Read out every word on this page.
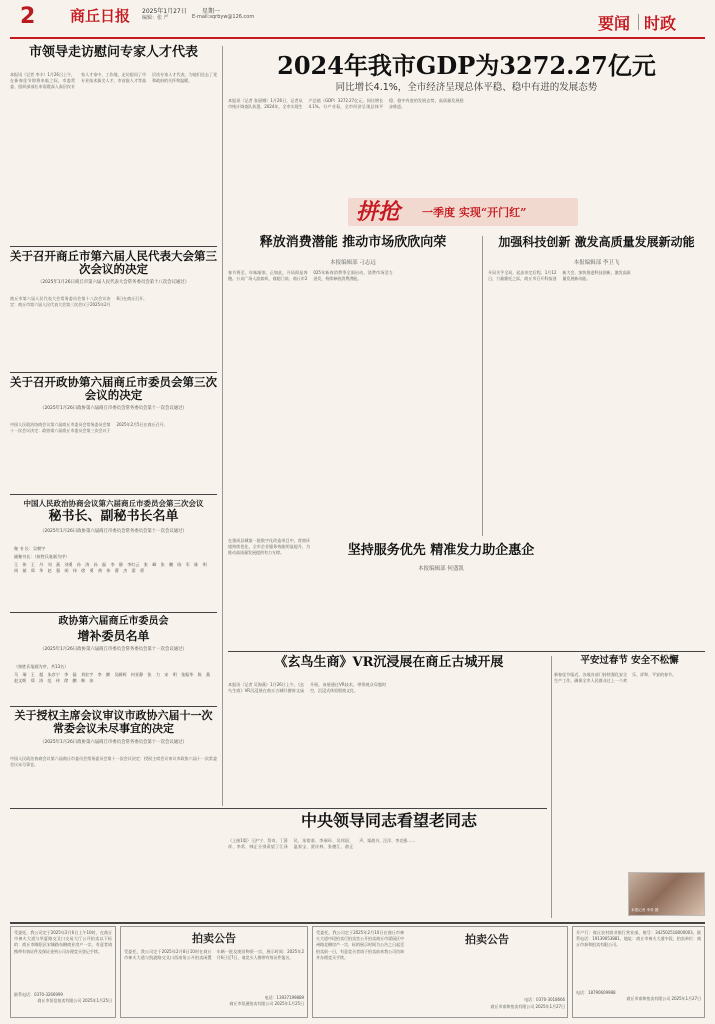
2 商丘日报 2025年1月27日	星期一
编辑：张 严	E-mail:sqrbyw@126.com	要闻 时政
市领导走访慰问专家人才代表
本报讯（记者 李丰）1月26日上午，在新春佳节即将来临之际，市委常委、组织部部长申雨霞深入高层次专家人才家中、工作地，走访慰问了市专业技术拔尖人才、市首批人才等高层次专家人才代表，为他们送去了党和政府的关怀和温暖。
关于召开商丘市第六届人民代表大会第三次会议的决定
（2025年1月26日商丘市第六届人民代表大会常务委员会第十八次会议通过）
商丘市第六届人民代表大会常务委员会第十八次会议决定：商丘市第六届人民代表大会第三次会议于2025年2月6日在商丘召开。
关于召开政协第六届商丘市委员会第三次会议的决定
（2025年1月26日政协第六届商丘市委员会常务委员会第十一次会议通过）
中国人民政治协商会议第六届商丘市委员会常务委员会第十一次会议决定：政协第六届商丘市委员会第三次会议于2025年2月5日在商丘召开。
中国人民政治协商会议第六届商丘市委员会第三次会议
秘书长、副秘书长名单
（2025年1月26日政协第六届商丘市委员会常务委员会第十一次会议通过）
秘 书 长：吴朝宇
副秘书长：（按姓氏笔画为序）
王 伟 王 丹 刘 燕 刘勇 孙 涛 孙 磊 李 静 李红云 张 峰 张 鹏 陈 军 陈 明 周 斌 郑 华 赵 强 胡 伟 徐 勇 黄 伟 曹 杰 梁 勇
政协第六届商丘市委员会
增补委员名单
（2025年1月26日政协第六届商丘市委员会常务委员会第十一次会议通过）
（按姓氏笔画为序，共13名）
马 瑞 王 超 朱彦宁 李 磊 刘宏宇 李 腾 吴颜辉 何亚静 张 力 宋 明 张振华 陈 燕 赵文辉 郑 涛 范 伟 徐 鹏 韩 冰
关于授权主席会议审议市政协六届十一次常委会议未尽事宜的决定
（2025年1月26日政协第六届商丘市委员会常务委员会第十一次会议通过）
中国人民政治协商会议第六届商丘市委员会常务委员会第十一次会议决定：授权主席会议审议市政协六届十一次常委会议未尽事宜。
2024年我市GDP为3272.27亿元
同比增长4.1%，全市经济呈现总体平稳、稳中有进的发展态势
本报讯（记者 张丽娜）1月26日，记者从市统计调查队获悉，2024年，全市实现生产总值（GDP）3272.27亿元，同比增长4.1%。分产业看，全市经济呈现总体平稳、稳中有进的发展态势，高质量发展稳步推进。
拼抢 一季度 实现“开门红”
释放消费潜能 推动市场欣欣向荣
本报编辑部 刁志远
春节将至，年味渐浓。正如此，开局即是奔跑。万众广场人流如织，商超门前，商丘市2025年新春消费季全面启动，消费市场活力迸发，持续释放消费潜能。
加强科技创新 激发高质量发展新动能
本报编辑部 李卫飞
开局关乎全局，起步决定后程。1月12日，力量鼎托之际，商丘市召开科技创新大会，加快推进科技创新，激发高质量发展新动能。
在建成县城第一批数字化改造项目中，营商环境持续优化，全市企业服务效能明显提升，为推动高质量发展提供有力支撑。	坚持服务优先 精准发力助企惠企
本报编辑部 何盛凯
《玄鸟生商》VR沉浸展在商丘古城开展
本报讯（记者 吴海燕）1月26日上午，《玄鸟生商》VR沉浸展在商丘古城归德府文庙开展。该展通过VR技术，带领观众穿越时空，沉浸式体验殷商文化。
平安过春节 安全不松懈
新春佳节临近，各地各部门持续强化安全生产工作，确保全市人民群众过上一个欢乐、祥和、平安的春节。
本报记者 李单 摄
中央领导同志看望老同志
（上接1版）王沪宁、蔡奇、丁薛祥、李希、韩正分别看望了江泽民、朱镕基、李瑞环、吴邦国、温家宝、贾庆林、张德江、俞正声、栗战书、汪洋、李克强……
受委托，我公司定于2025年2月6日上午10时，在商丘市神火大道与华夏路交叉口交易大厅公开拍卖以下标的：商丘市睢阳区宋城路东侧商业房产一宗，有意者请携带有效证件及保证金到公司办理竞买登记手续。
联系电话：0370-3266999
商丘市恒信拍卖有限公司 2025年1月25日
拍卖公告
受委托，我公司定于2025年2月8日10时在商丘市神火大道与凯旋路交叉口西南角公开拍卖闲置车辆一批及废旧物资一宗，展示时间：2025年2月6日至7日，请竞买人携带有效证件报名。
电话：13937199889
商丘市恒通拍卖有限公司 2025年1月25日
受委托，我公司定于2025年2月10日在商丘市神火大道中段拍卖行拍卖室公开拍卖商丘市梁园区中州路北侧房产一宗，标的展示时间为公告之日起至拍卖前一日，有意竞买者请于拍卖前来我公司咨询并办理竞买手续。
拍卖公告
电话：0370-3018666
商丘市泰和拍卖有限公司 2025年1月27日
开户行：商丘农村商业银行营业部，账号：342502518000003，联系电话：19139053881，地址：商丘市神火大道中段，拍卖单位：商丘市泰和拍卖有限公司。
电话：18790609988
商丘市泰和拍卖有限公司 2025年1月27日
